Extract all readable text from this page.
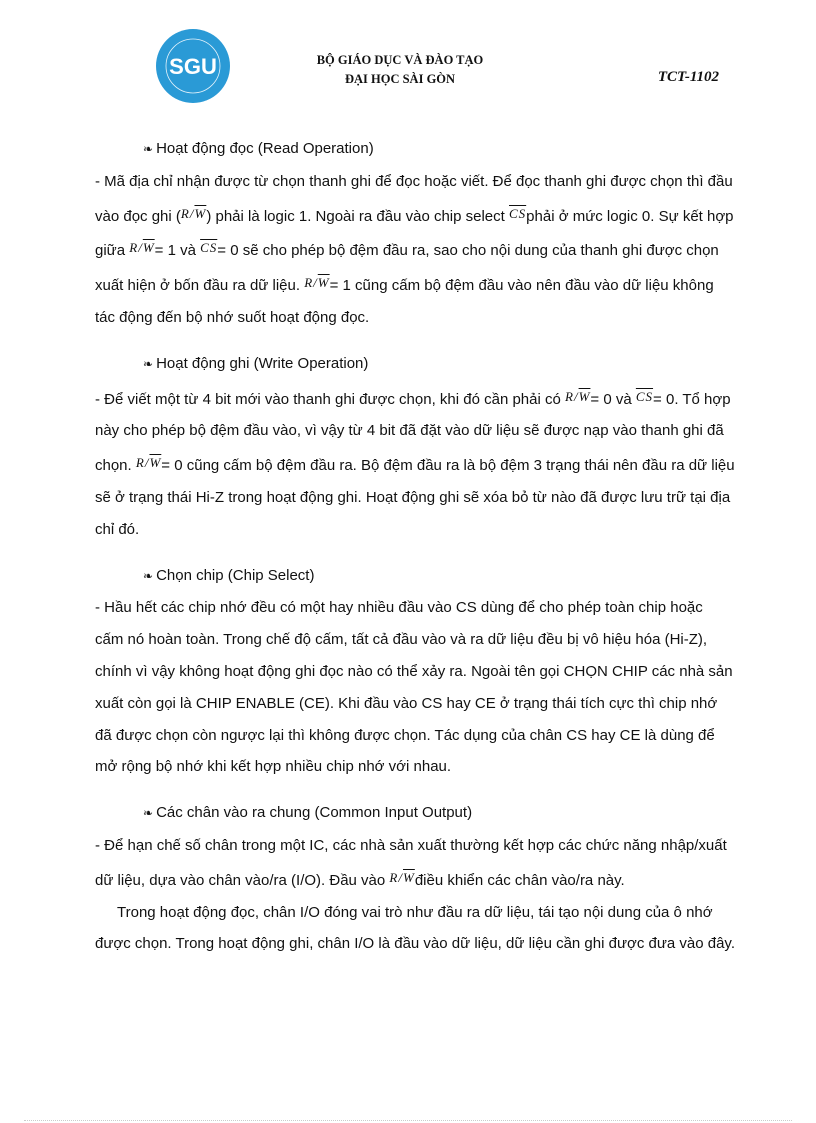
SGU	BỘ GIÁO DỤC VÀ ĐÀO TẠO
ĐẠI HỌC SÀI GÒN	TCT-1102
❧ Hoạt động đọc (Read Operation)

- Mã địa chỉ nhận được từ chọn thanh ghi để đọc hoặc viết. Để đọc thanh ghi được chọn thì đầu vào đọc ghi $(R/\overline{W})$ phải là logic 1. Ngoài ra đầu vào chip select $\overline{CS}phải$ ở mức logic 0. Sự kết hợp giữa $R/\overline{W}= 1$ và $\overline{CS}= 0$ sẽ cho phép bộ đệm đầu ra, sao cho nội dung của thanh ghi được chọn xuất hiện ở bốn đầu ra dữ liệu. $R/\overline{W}= 1$ cũng cấm bộ đệm đầu vào nên đầu vào dữ liệu không tác động đến bộ nhớ suốt hoạt động đọc.

❧ Hoạt động ghi (Write Operation)

- Để viết một từ 4 bit mới vào thanh ghi được chọn, khi đó cần phải có $R/\overline{W}= 0$ và $\overline{CS}= 0$. Tổ hợp này cho phép bộ đệm đầu vào, vì vậy từ 4 bit đã đặt vào dữ liệu sẽ được nạp vào thanh ghi đã chọn. $R/\overline{W}= 0$ cũng cấm bộ đệm đầu ra. Bộ đệm đầu ra là bộ đệm 3 trạng thái nên đầu ra dữ liệu sẽ ở trạng thái Hi-Z trong hoạt động ghi. Hoạt động ghi sẽ xóa bỏ từ nào đã được lưu trữ tại địa chỉ đó.

❧ Chọn chip (Chip Select)

- Hầu hết các chip nhớ đều có một hay nhiều đầu vào CS dùng để cho phép toàn chip hoặc cấm nó hoàn toàn. Trong chế độ cấm, tất cả đầu vào và ra dữ liệu đều bị vô hiệu hóa (Hi-Z), chính vì vậy không hoạt động ghi đọc nào có thể xảy ra. Ngoài tên gọi CHỌN CHIP các nhà sản xuất còn gọi là CHIP ENABLE (CE). Khi đầu vào CS hay CE ở trạng thái tích cực thì chip nhớ đã được chọn còn ngược lại thì không được chọn. Tác dụng của chân CS hay CE là dùng để mở rộng bộ nhớ khi kết hợp nhiều chip nhớ với nhau.

❧ Các chân vào ra chung (Common Input Output)

- Để hạn chế số chân trong một IC, các nhà sản xuất thường kết hợp các chức năng nhập/xuất dữ liệu, dựa vào chân vào/ra (I/O). Đầu vào $R/\overline{W}điều$ khiển các chân vào/ra này.

Trong hoạt động đọc, chân I/O đóng vai trò như đầu ra dữ liệu, tái tạo nội dung của ô nhớ được chọn. Trong hoạt động ghi, chân I/O là đầu vào dữ liệu, dữ liệu cần ghi được đưa vào đây.
